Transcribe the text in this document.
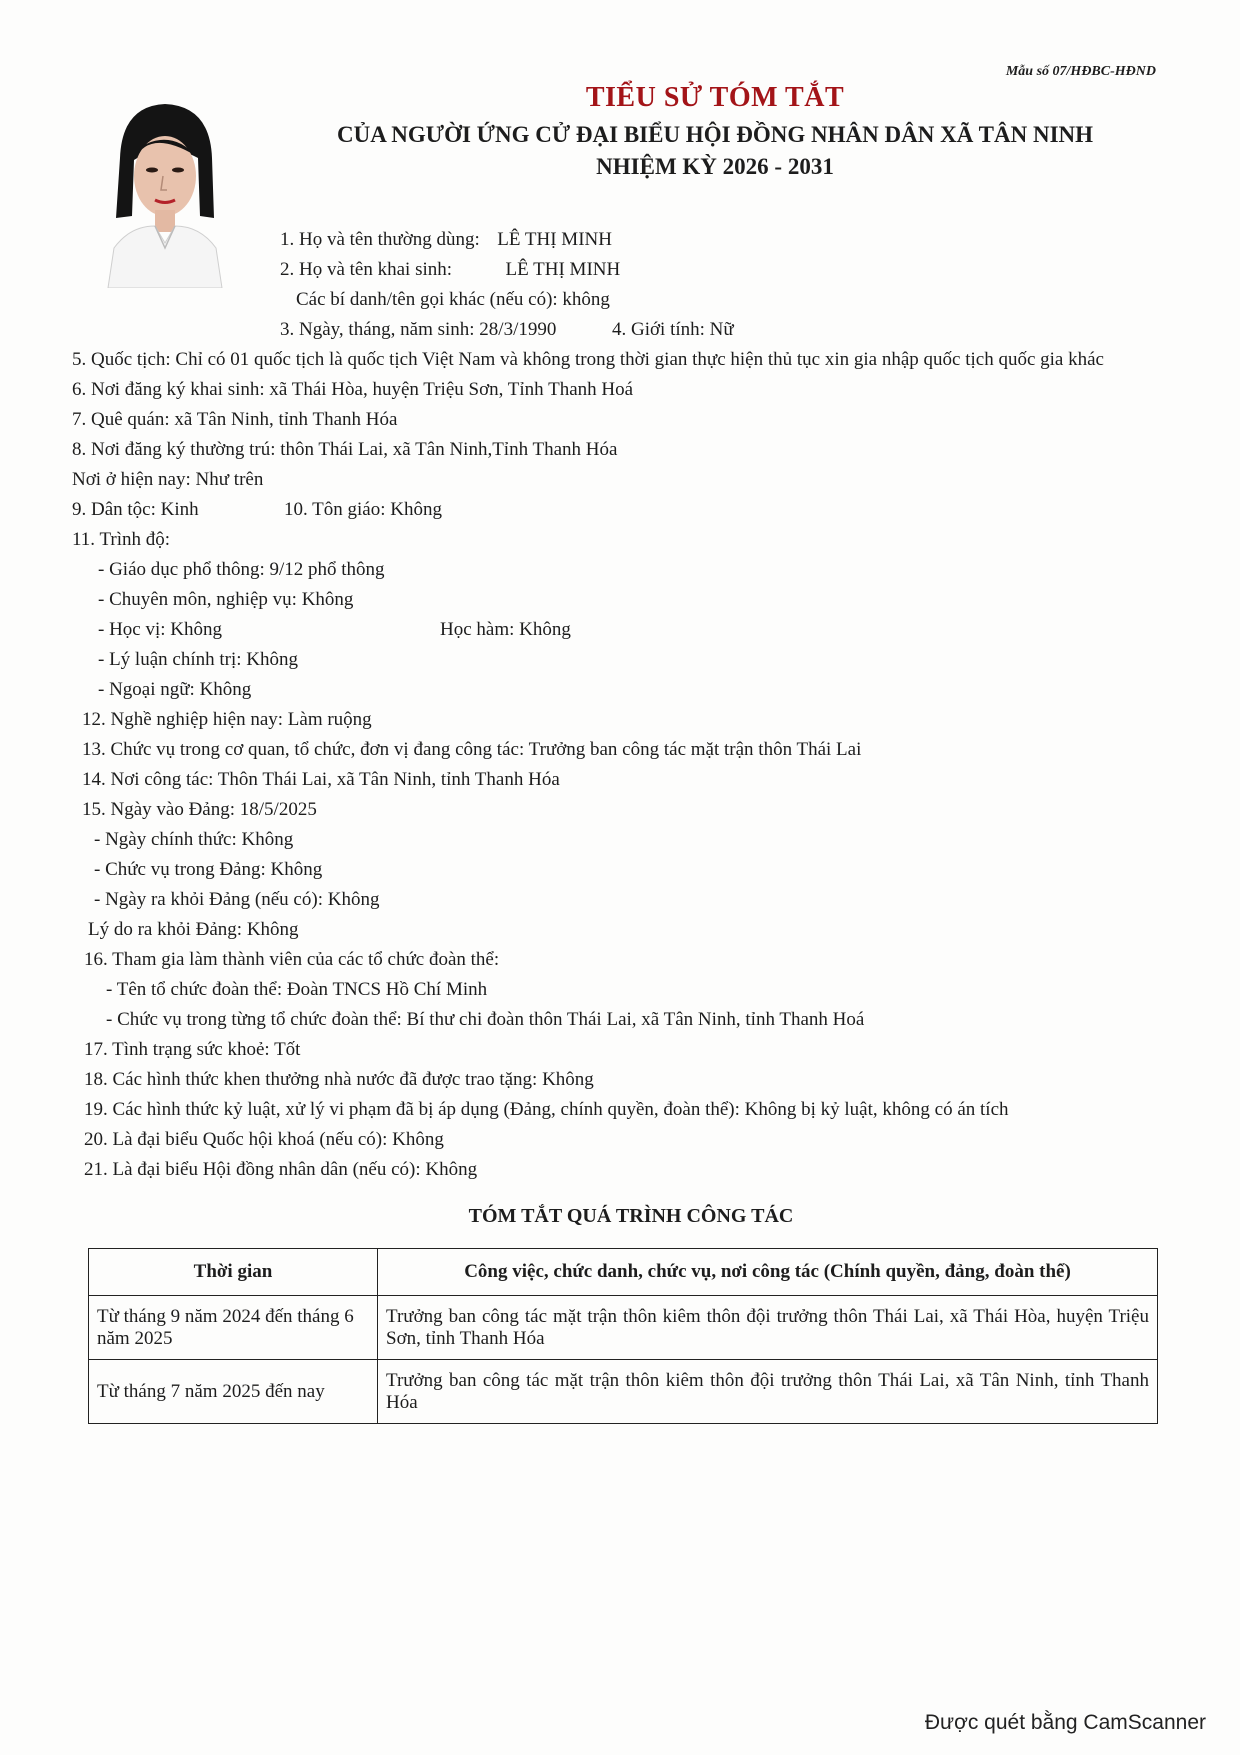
Mẫu số 07/HĐBC-HĐND
TIỂU SỬ TÓM TẮT
CỦA NGƯỜI ỨNG CỬ ĐẠI BIỂU HỘI ĐỒNG NHÂN DÂN XÃ TÂN NINH
NHIỆM KỲ 2026 - 2031
1. Họ và tên thường dùng: LÊ THỊ MINH
2. Họ và tên khai sinh:	LÊ THỊ MINH
Các bí danh/tên gọi khác (nếu có): không
3. Ngày, tháng, năm sinh: 28/3/1990	4. Giới tính: Nữ
5. Quốc tịch: Chỉ có 01 quốc tịch là quốc tịch Việt Nam và không trong thời gian thực hiện thủ tục xin gia nhập quốc tịch quốc gia khác
6. Nơi đăng ký khai sinh: xã Thái Hòa, huyện Triệu Sơn, Tỉnh Thanh Hoá
7. Quê quán: xã Tân Ninh, tỉnh Thanh Hóa
8. Nơi đăng ký thường trú: thôn Thái Lai, xã Tân Ninh,Tỉnh Thanh Hóa
Nơi ở hiện nay: Như trên
9. Dân tộc: Kinh	10. Tôn giáo: Không
11. Trình độ:
- Giáo dục phổ thông: 9/12 phổ thông
- Chuyên môn, nghiệp vụ: Không
- Học vị: Không	Học hàm: Không
- Lý luận chính trị: Không
- Ngoại ngữ: Không
12. Nghề nghiệp hiện nay: Làm ruộng
13. Chức vụ trong cơ quan, tổ chức, đơn vị đang công tác: Trưởng ban công tác mặt trận thôn Thái Lai
14. Nơi công tác: Thôn Thái Lai, xã Tân Ninh, tỉnh Thanh Hóa
15. Ngày vào Đảng: 18/5/2025
- Ngày chính thức: Không
- Chức vụ trong Đảng: Không
- Ngày ra khỏi Đảng (nếu có): Không
Lý do ra khỏi Đảng: Không
16. Tham gia làm thành viên của các tổ chức đoàn thể:
- Tên tổ chức đoàn thể: Đoàn TNCS Hồ Chí Minh
- Chức vụ trong từng tổ chức đoàn thể: Bí thư chi đoàn thôn Thái Lai, xã Tân Ninh, tỉnh Thanh Hoá
17. Tình trạng sức khoẻ: Tốt
18. Các hình thức khen thưởng nhà nước đã được trao tặng: Không
19. Các hình thức kỷ luật, xử lý vi phạm đã bị áp dụng (Đảng, chính quyền, đoàn thể): Không bị kỷ luật, không có án tích
20. Là đại biểu Quốc hội khoá (nếu có): Không
21. Là đại biểu Hội đồng nhân dân (nếu có): Không
TÓM TẮT QUÁ TRÌNH CÔNG TÁC
Thời gian	Công việc, chức danh, chức vụ, nơi công tác (Chính quyền, đảng, đoàn thể)
Từ tháng 9 năm 2024 đến tháng 6 năm 2025	Trưởng ban công tác mặt trận thôn kiêm thôn đội trưởng thôn Thái Lai, xã Thái Hòa, huyện Triệu Sơn, tỉnh Thanh Hóa
Từ tháng 7 năm 2025 đến nay	Trưởng ban công tác mặt trận thôn kiêm thôn đội trưởng thôn Thái Lai, xã Tân Ninh, tỉnh Thanh Hóa
Được quét bằng CamScanner
